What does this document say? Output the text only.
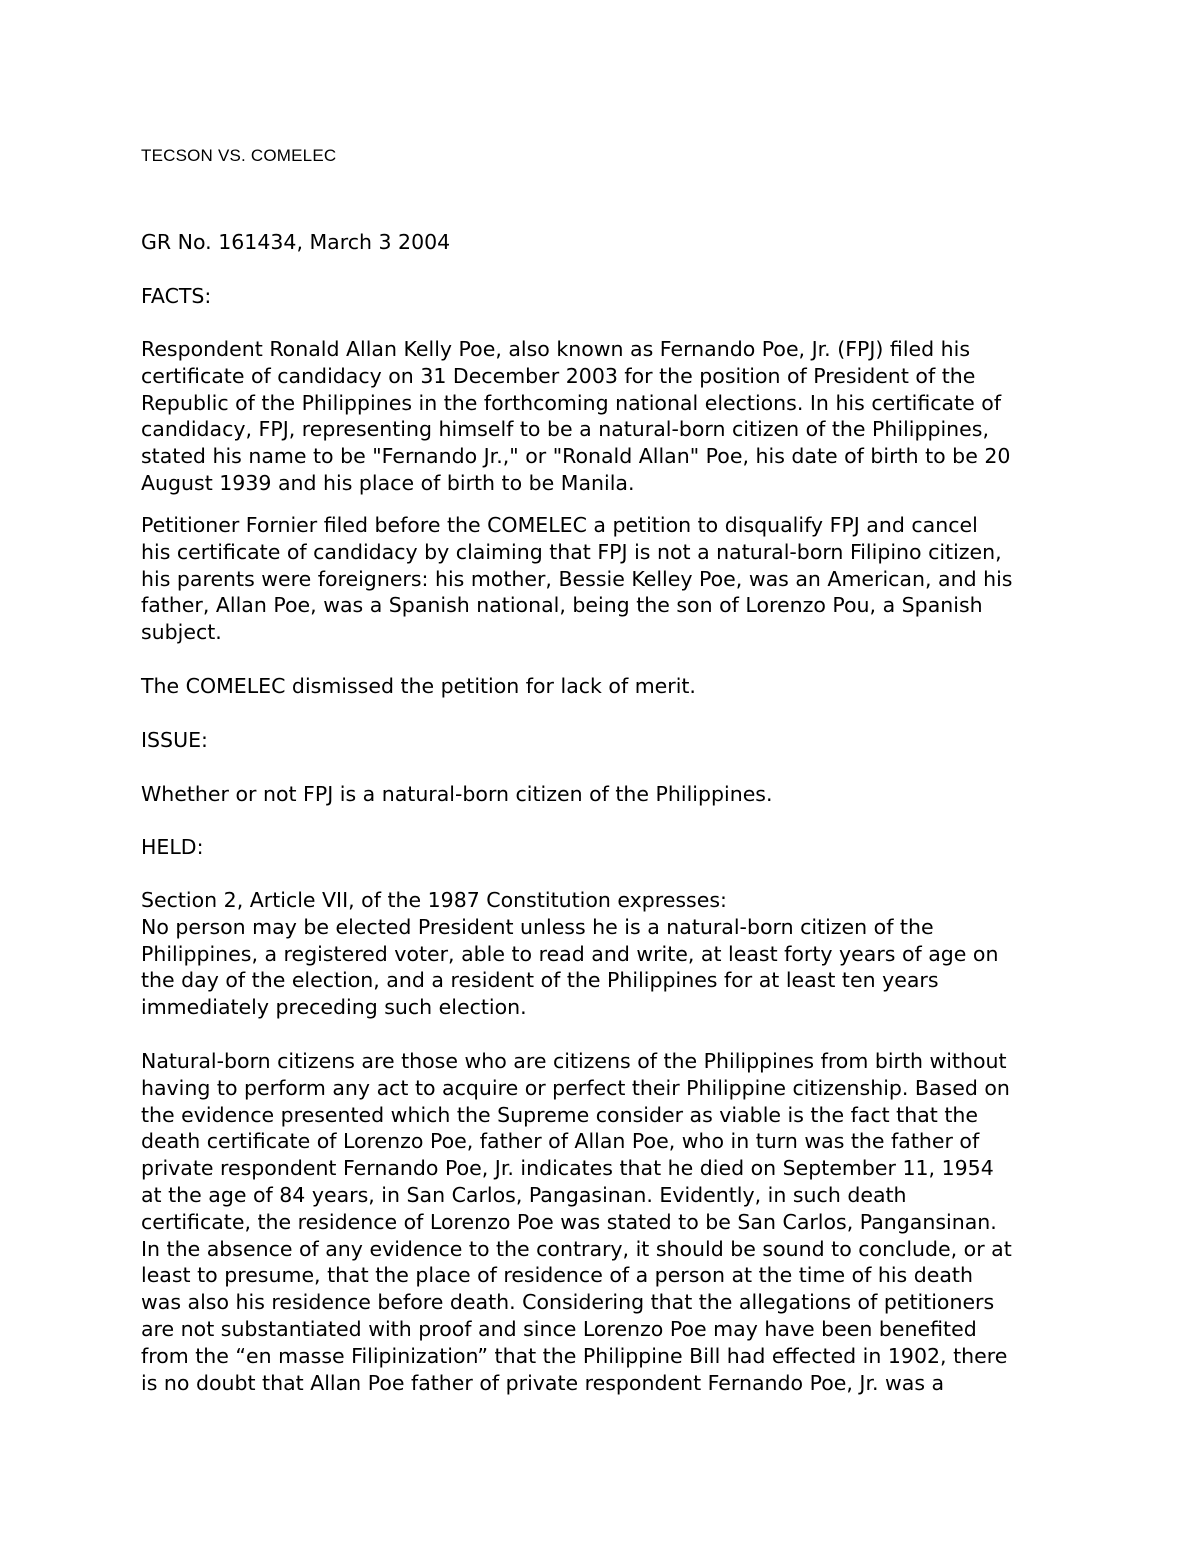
TECSON VS. COMELEC

GR No. 161434, March 3 2004

FACTS:

Respondent Ronald Allan Kelly Poe, also known as Fernando Poe, Jr. (FPJ) filed his
certificate of candidacy on 31 December 2003 for the position of President of the
Republic of the Philippines in the forthcoming national elections. In his certificate of
candidacy, FPJ, representing himself to be a natural-born citizen of the Philippines,
stated his name to be "Fernando Jr.," or "Ronald Allan" Poe, his date of birth to be 20
August 1939 and his place of birth to be Manila.

Petitioner Fornier filed before the COMELEC a petition to disqualify FPJ and cancel
his certificate of candidacy by claiming that FPJ is not a natural-born Filipino citizen,
his parents were foreigners: his mother, Bessie Kelley Poe, was an American, and his
father, Allan Poe, was a Spanish national, being the son of Lorenzo Pou, a Spanish
subject.

The COMELEC dismissed the petition for lack of merit.

ISSUE:

Whether or not FPJ is a natural-born citizen of the Philippines.

HELD:

Section 2, Article VII, of the 1987 Constitution expresses:
No person may be elected President unless he is a natural-born citizen of the
Philippines, a registered voter, able to read and write, at least forty years of age on
the day of the election, and a resident of the Philippines for at least ten years
immediately preceding such election.

Natural-born citizens are those who are citizens of the Philippines from birth without
having to perform any act to acquire or perfect their Philippine citizenship. Based on
the evidence presented which the Supreme consider as viable is the fact that the
death certificate of Lorenzo Poe, father of Allan Poe, who in turn was the father of
private respondent Fernando Poe, Jr. indicates that he died on September 11, 1954
at the age of 84 years, in San Carlos, Pangasinan. Evidently, in such death
certificate, the residence of Lorenzo Poe was stated to be San Carlos, Pangansinan.
In the absence of any evidence to the contrary, it should be sound to conclude, or at
least to presume, that the place of residence of a person at the time of his death
was also his residence before death. Considering that the allegations of petitioners
are not substantiated with proof and since Lorenzo Poe may have been benefited
from the “en masse Filipinization” that the Philippine Bill had effected in 1902, there
is no doubt that Allan Poe father of private respondent Fernando Poe, Jr. was a
